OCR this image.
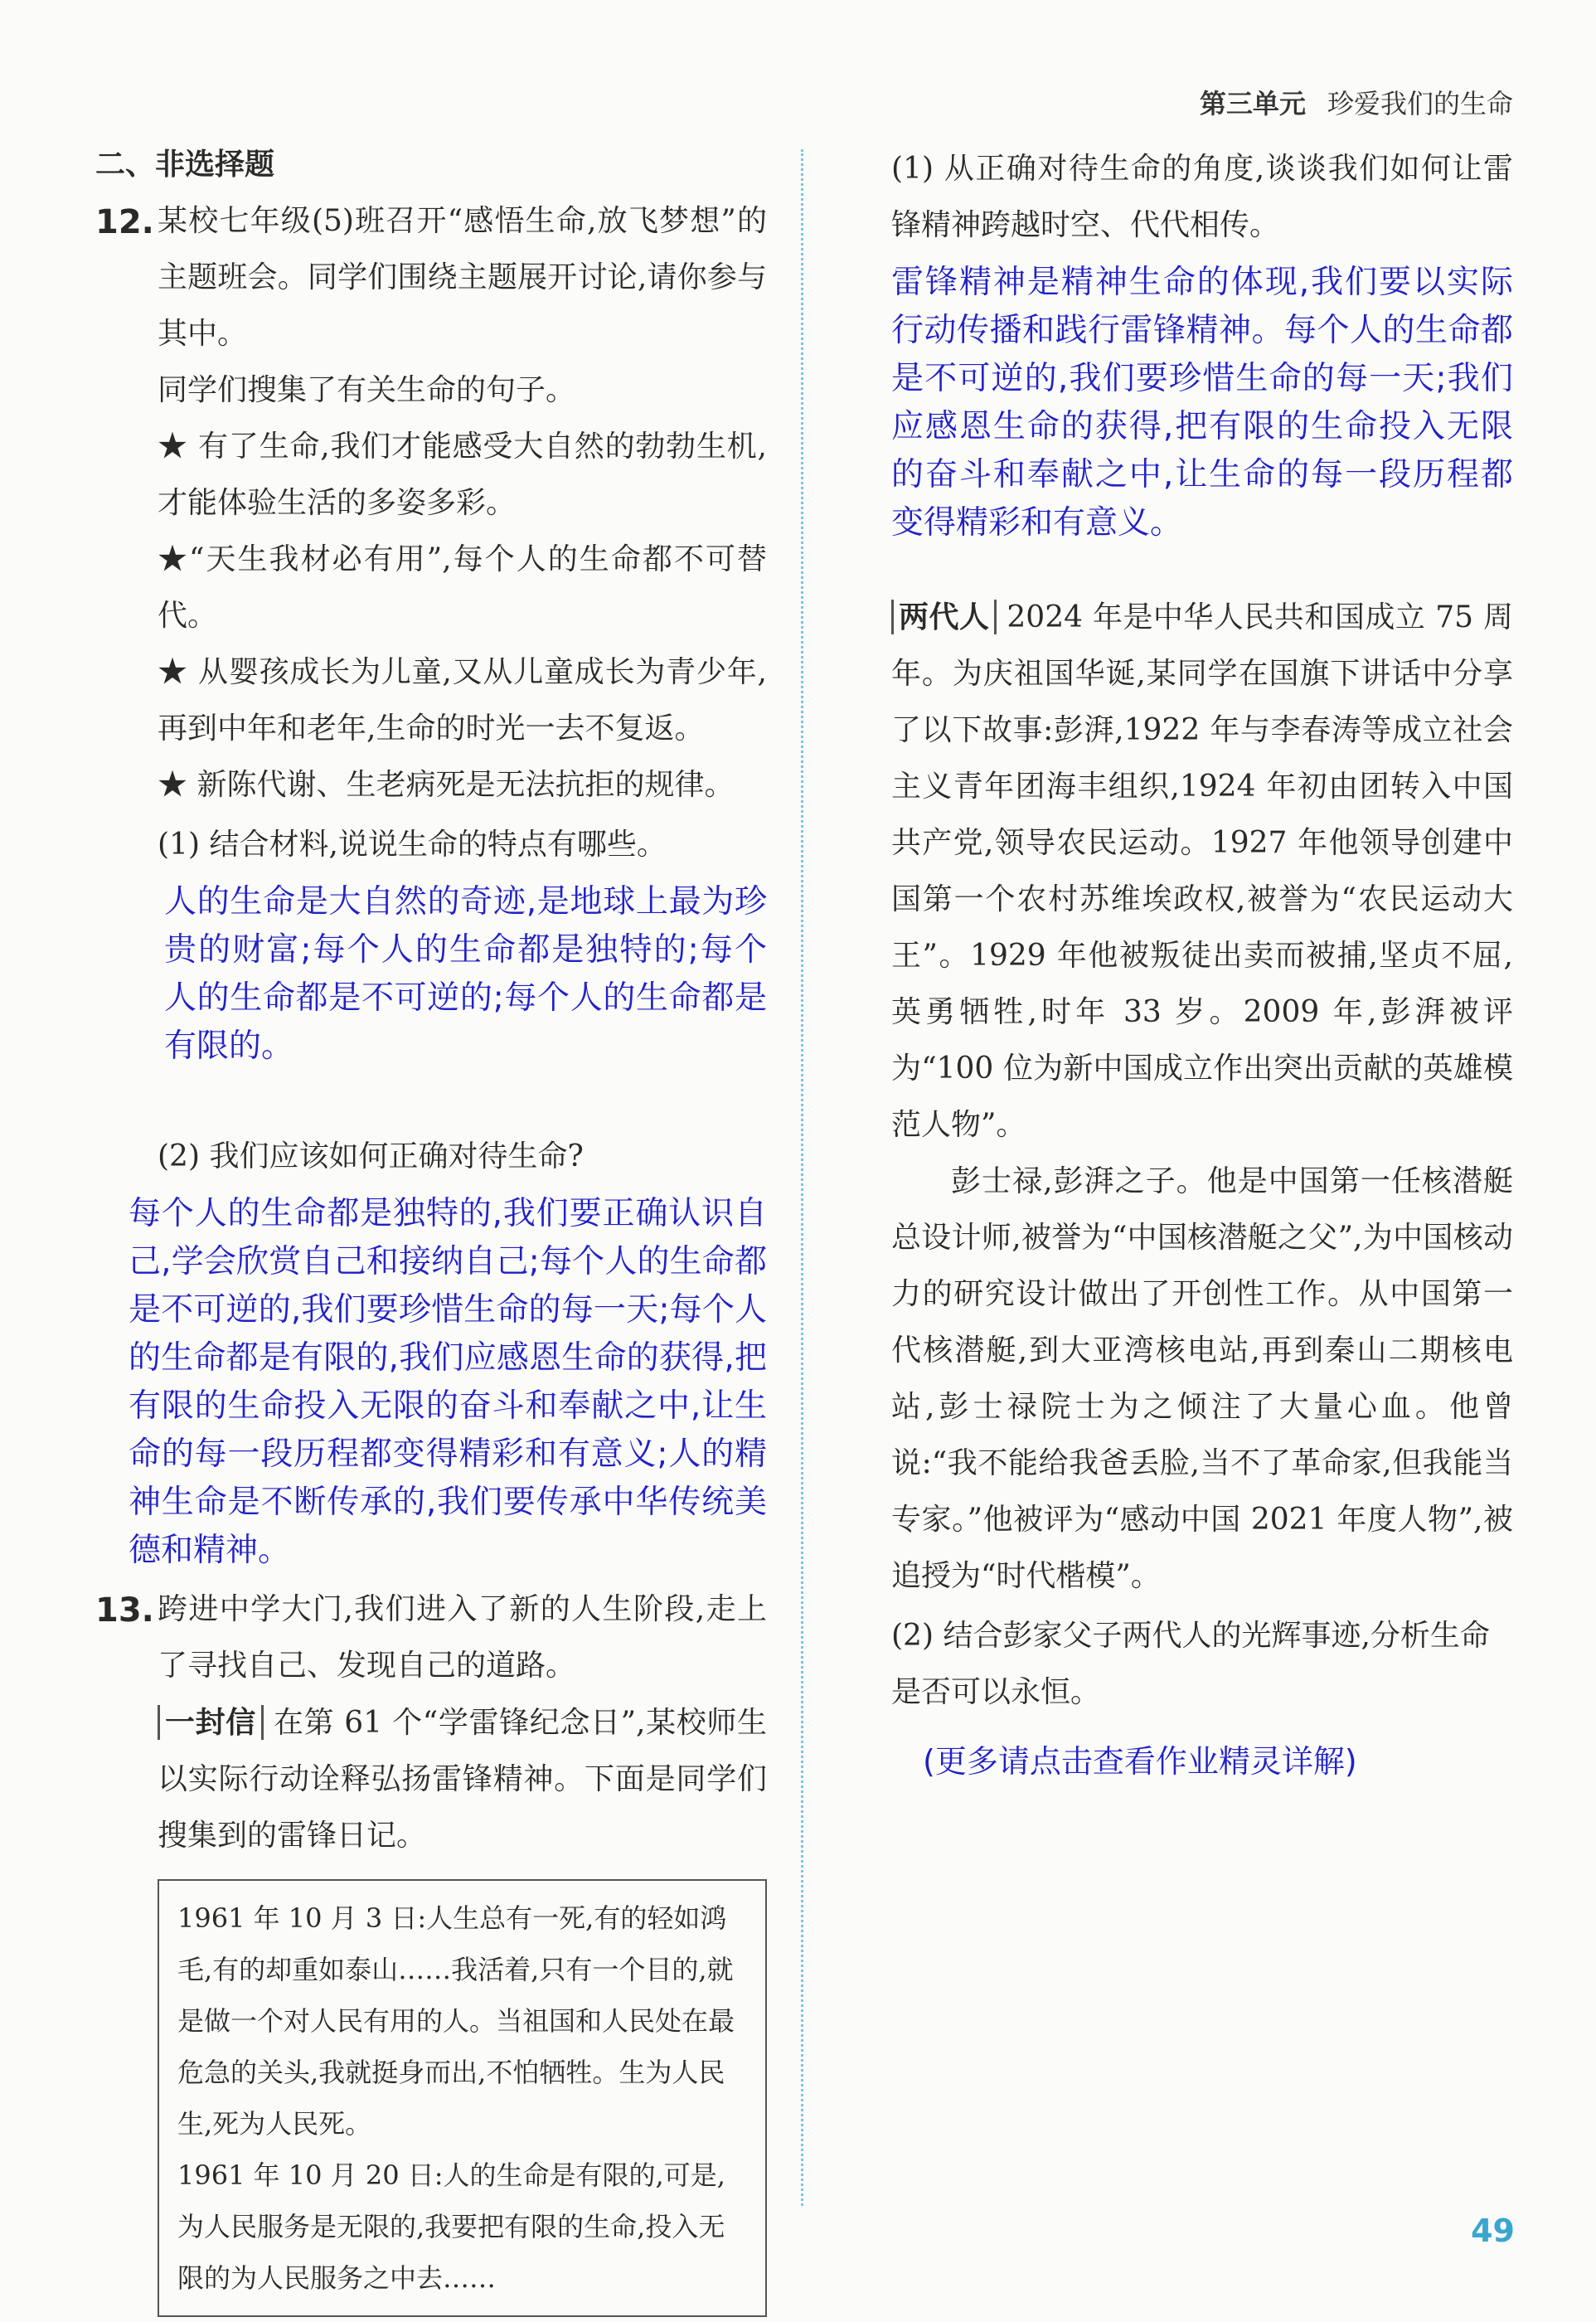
第三单元 珍爱我们的生命
二、非选择题
12. 某校七年级(5)班召开“感悟生命,放飞梦想”的主题班会。同学们围绕主题展开讨论,请你参与其中。

同学们搜集了有关生命的句子。

★ 有了生命,我们才能感受大自然的勃勃生机,才能体验生活的多姿多彩。

★“天生我材必有用”,每个人的生命都不可替代。

★ 从婴孩成长为儿童,又从儿童成长为青少年,再到中年和老年,生命的时光一去不复返。

★ 新陈代谢、生老病死是无法抗拒的规律。

(1) 结合材料,说说生命的特点有哪些。

人的生命是大自然的奇迹,是地球上最为珍贵的财富;每个人的生命都是独特的;每个人的生命都是不可逆的;每个人的生命都是有限的。

(2) 我们应该如何正确对待生命?

每个人的生命都是独特的,我们要正确认识自己,学会欣赏自己和接纳自己;每个人的生命都是不可逆的,我们要珍惜生命的每一天;每个人的生命都是有限的,我们应感恩生命的获得,把有限的生命投入无限的奋斗和奉献之中,让生命的每一段历程都变得精彩和有意义;人的精神生命是不断传承的,我们要传承中华传统美德和精神。

13. 跨进中学大门,我们进入了新的人生阶段,走上了寻找自己、发现自己的道路。

一封信 在第 61 个“学雷锋纪念日”,某校师生以实际行动诠释弘扬雷锋精神。下面是同学们搜集到的雷锋日记。

1961 年 10 月 3 日:人生总有一死,有的轻如鸿毛,有的却重如泰山……我活着,只有一个目的,就是做一个对人民有用的人。当祖国和人民处在最危急的关头,我就挺身而出,不怕牺牲。生为人民生,死为人民死。

1961 年 10 月 20 日:人的生命是有限的,可是,为人民服务是无限的,我要把有限的生命,投入无限的为人民服务之中去……

(1) 从正确对待生命的角度,谈谈我们如何让雷锋精神跨越时空、代代相传。

雷锋精神是精神生命的体现,我们要以实际行动传播和践行雷锋精神。每个人的生命都是不可逆的,我们要珍惜生命的每一天;我们应感恩生命的获得,把有限的生命投入无限的奋斗和奉献之中,让生命的每一段历程都变得精彩和有意义。

两代人 2024 年是中华人民共和国成立 75 周年。为庆祖国华诞,某同学在国旗下讲话中分享了以下故事:彭湃,1922 年与李春涛等成立社会主义青年团海丰组织,1924 年初由团转入中国共产党,领导农民运动。1927 年他领导创建中国第一个农村苏维埃政权,被誉为“农民运动大王”。1929 年他被叛徒出卖而被捕,坚贞不屈,英勇牺牲,时年 33 岁。2009 年,彭湃被评为“100 位为新中国成立作出突出贡献的英雄模范人物”。

彭士禄,彭湃之子。他是中国第一任核潜艇总设计师,被誉为“中国核潜艇之父”,为中国核动力的研究设计做出了开创性工作。从中国第一代核潜艇,到大亚湾核电站,再到秦山二期核电站,彭士禄院士为之倾注了大量心血。他曾说:“我不能给我爸丢脸,当不了革命家,但我能当专家。”他被评为“感动中国 2021 年度人物”,被追授为“时代楷模”。

(2) 结合彭家父子两代人的光辉事迹,分析生命是否可以永恒。

(更多请点击查看作业精灵详解)

49
